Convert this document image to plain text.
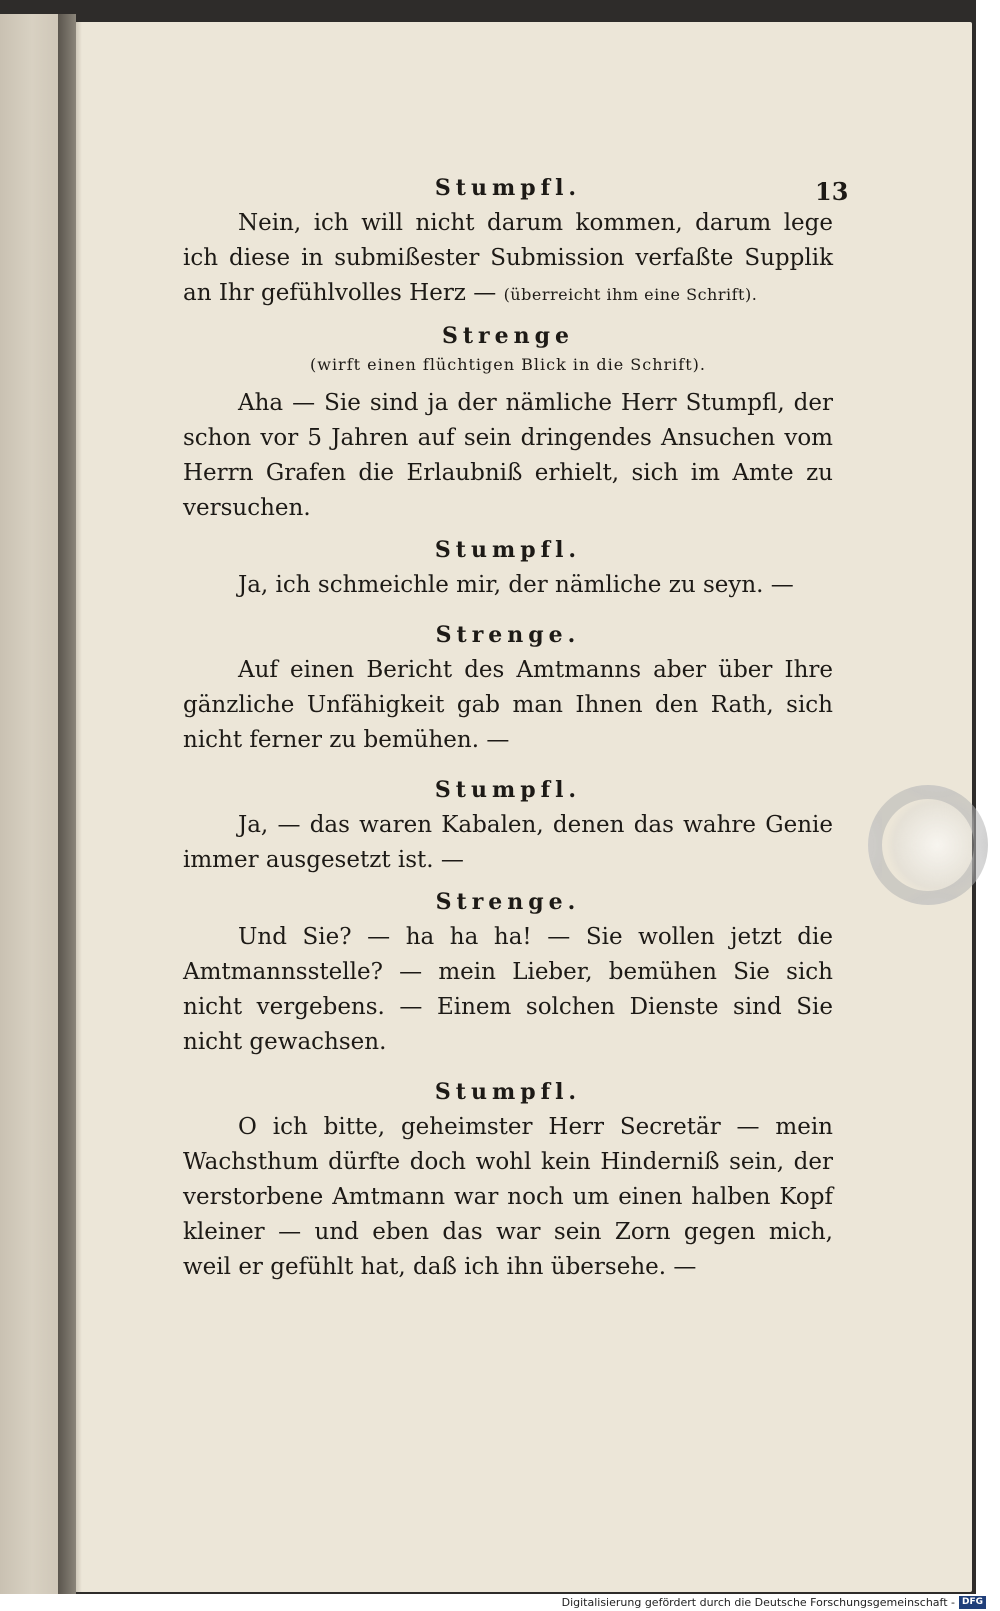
13

Stumpfl.

Nein, ich will nicht darum kommen, darum lege ich diese in submißester Submission verfaßte Supplik an Ihr gefühlvolles Herz — (überreicht ihm eine Schrift).

Strenge

(wirft einen flüchtigen Blick in die Schrift).

Aha — Sie sind ja der nämliche Herr Stumpfl, der schon vor 5 Jahren auf sein dringendes Ansuchen vom Herrn Grafen die Erlaubniß erhielt, sich im Amte zu versuchen.

Stumpfl.

Ja, ich schmeichle mir, der nämliche zu seyn. —

Strenge.

Auf einen Bericht des Amtmanns aber über Ihre gänzliche Unfähigkeit gab man Ihnen den Rath, sich nicht ferner zu bemühen. —

Stumpfl.

Ja, — das waren Kabalen, denen das wahre Genie immer ausgesetzt ist. —

Strenge.

Und Sie? — ha ha ha! — Sie wollen jetzt die Amtmannsstelle? — mein Lieber, bemühen Sie sich nicht vergebens. — Einem solchen Dienste sind Sie nicht gewachsen.

Stumpfl.

O ich bitte, geheimster Herr Secretär — mein Wachsthum dürfte doch wohl kein Hinderniß sein, der verstorbene Amtmann war noch um einen halben Kopf kleiner — und eben das war sein Zorn gegen mich, weil er gefühlt hat, daß ich ihn übersehe. —

Digitalisierung gefördert durch die Deutsche Forschungsgemeinschaft - DFG
